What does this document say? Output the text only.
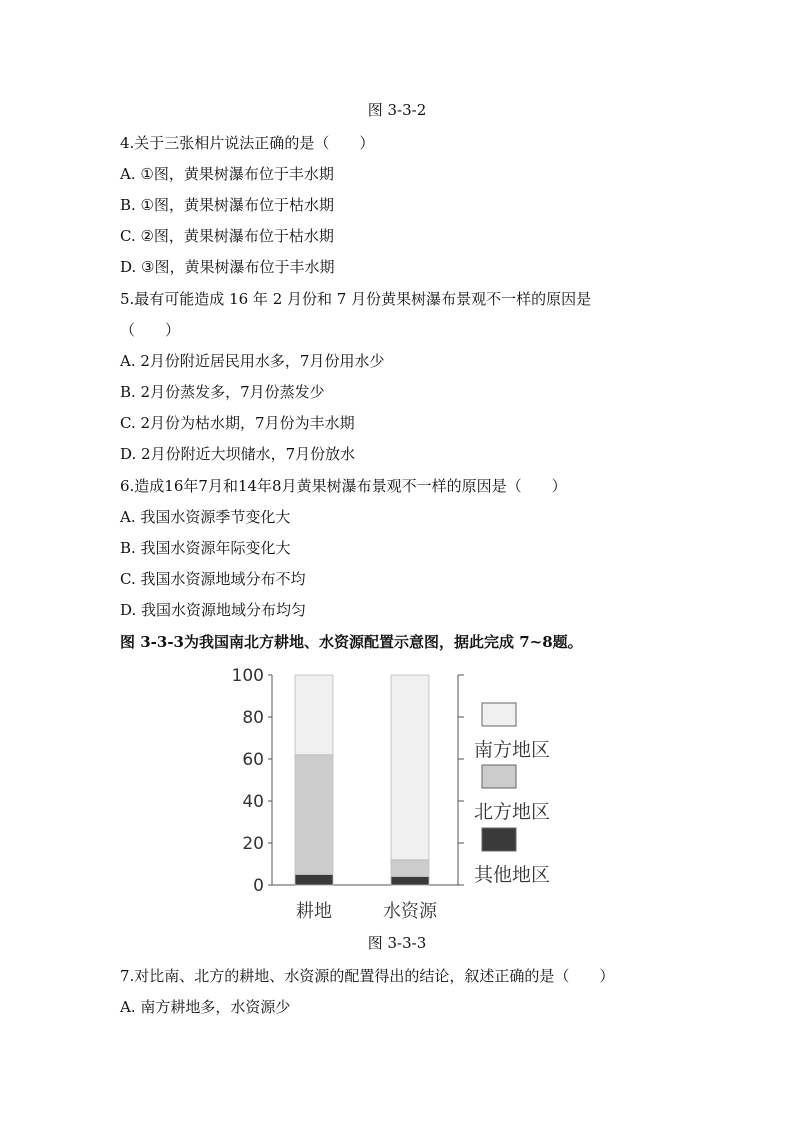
图 3-3-2

4.关于三张相片说法正确的是（　　）

A. ①图，黄果树瀑布位于丰水期

B. ①图，黄果树瀑布位于枯水期

C. ②图，黄果树瀑布位于枯水期

D. ③图，黄果树瀑布位于丰水期

5.最有可能造成 16 年 2 月份和 7 月份黄果树瀑布景观不一样的原因是

（　　）

A. 2月份附近居民用水多，7月份用水少

B. 2月份蒸发多，7月份蒸发少

C. 2月份为枯水期，7月份为丰水期

D. 2月份附近大坝储水，7月份放水

6.造成16年7月和14年8月黄果树瀑布景观不一样的原因是（　　）

A. 我国水资源季节变化大

B. 我国水资源年际变化大

C. 我国水资源地域分布不均

D. 我国水资源地域分布均匀

图 3-3-3为我国南北方耕地、水资源配置示意图，据此完成 7~8题。

0
20
40
60
80
100
耕地	水资源
南方地区
北方地区
其他地区
图 3-3-3

7.对比南、北方的耕地、水资源的配置得出的结论，叙述正确的是（　　）

A. 南方耕地多，水资源少
